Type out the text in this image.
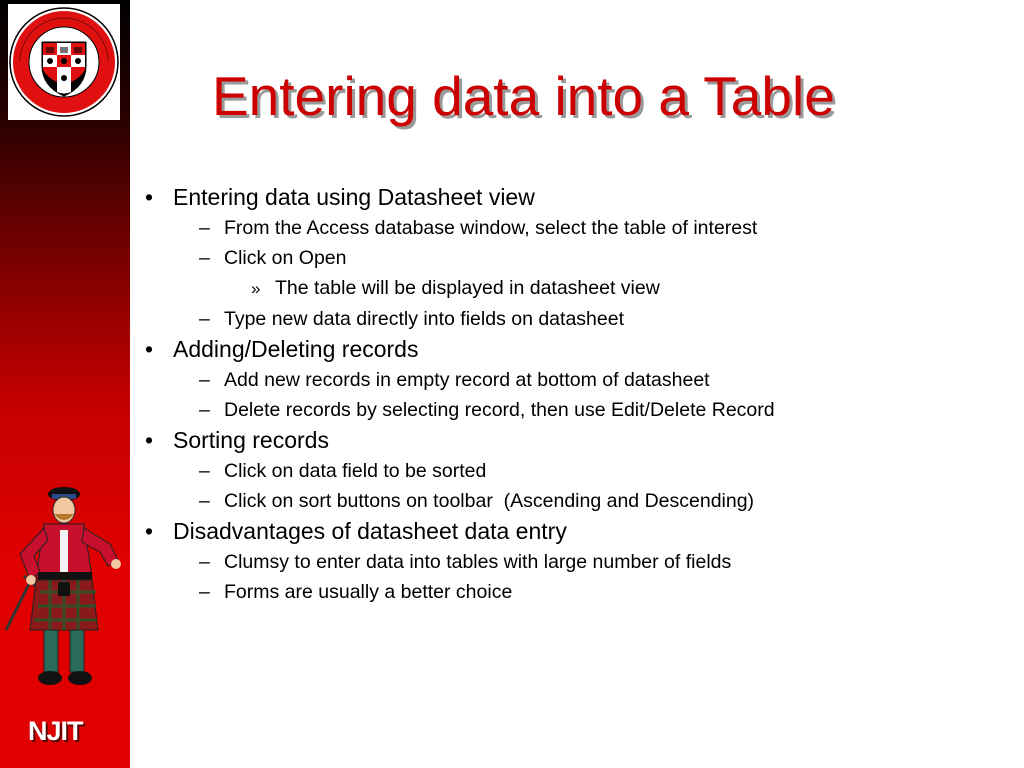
NJIT
Entering data into a Table
• Entering data using Datasheet view
– From the Access database window, select the table of interest
– Click on Open
» The table will be displayed in datasheet view
– Type new data directly into fields on datasheet
• Adding/Deleting records
– Add new records in empty record at bottom of datasheet
– Delete records by selecting record, then use Edit/Delete Record
• Sorting records
– Click on data field to be sorted
– Click on sort buttons on toolbar  (Ascending and Descending)
• Disadvantages of datasheet data entry
– Clumsy to enter data into tables with large number of fields
– Forms are usually a better choice
